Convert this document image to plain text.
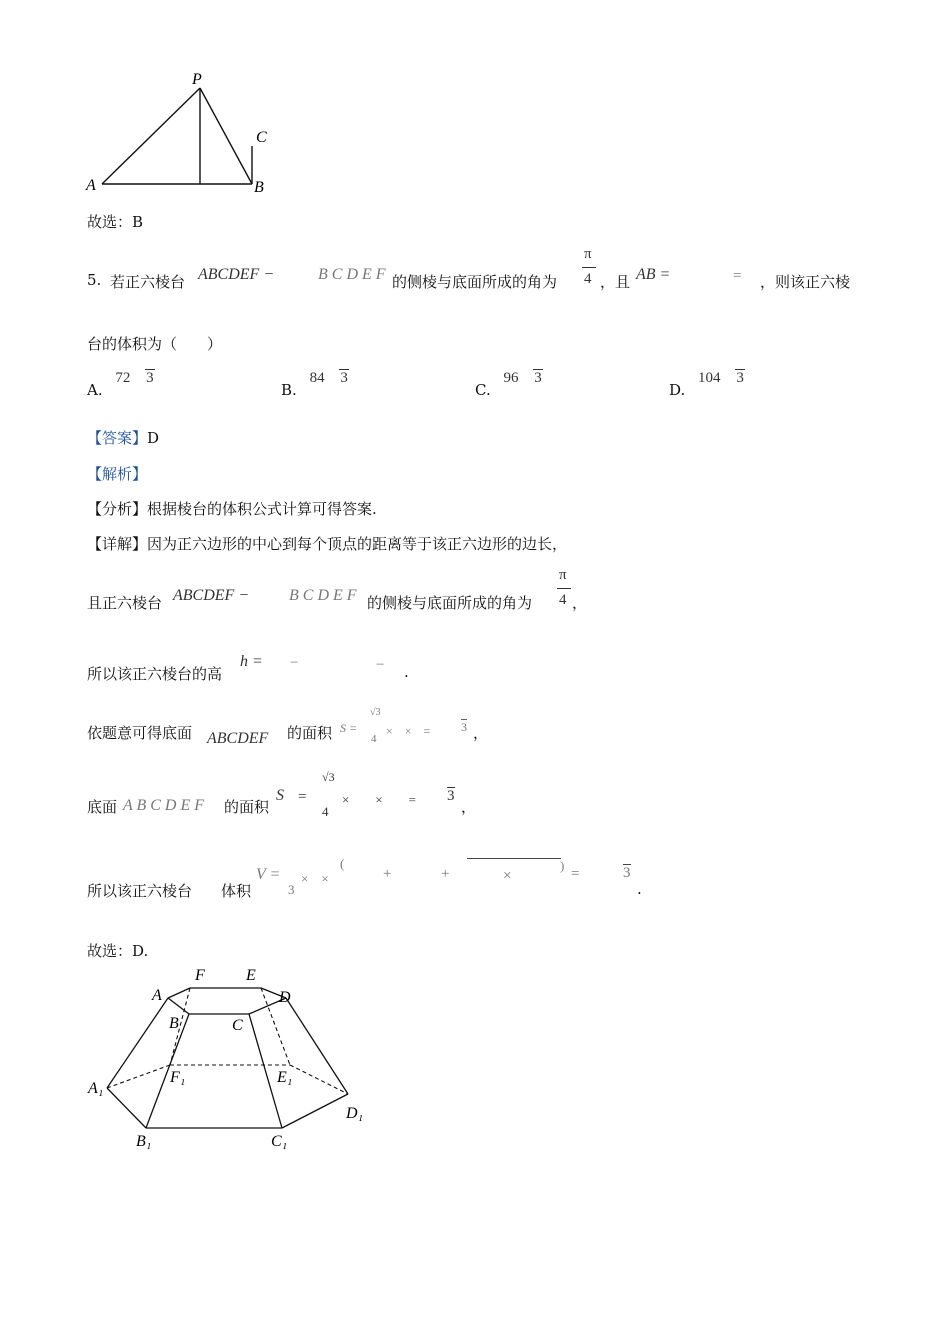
P
C
A	B
故选：B
5. 若正六棱台 ABCDEF −	B C D E F 的侧棱与底面所成的角为
π
4 ，且 AB =	= ，则该正六棱
台的体积为（　　）
A. 72 3
B. 84 3
C. 96 3
D. 104 3
【答案】D
【解析】
【分析】根据棱台的体积公式计算可得答案.
【详解】因为正六边形的中心到每个顶点的距离等于该正六边形的边长，
且正六棱台 ABCDEF − B C D E F 的侧棱与底面所成的角为
π
4 ，
所以该正六棱台的高
h = −	− .
依题意可得底面 ABCDEF 的面积 S =
√3
4
×　×　=	3 ，
底面 A B C D E F 的面积
S =
√3
4
×　　×　　= 3
，
所以该正六棱台 体积
V =
3
×　×
(
+	+	×
)
=	3
.
故选：D.
F	E
A	D
B	C
A₁
F₁	E₁
D₁
B₁	C₁
